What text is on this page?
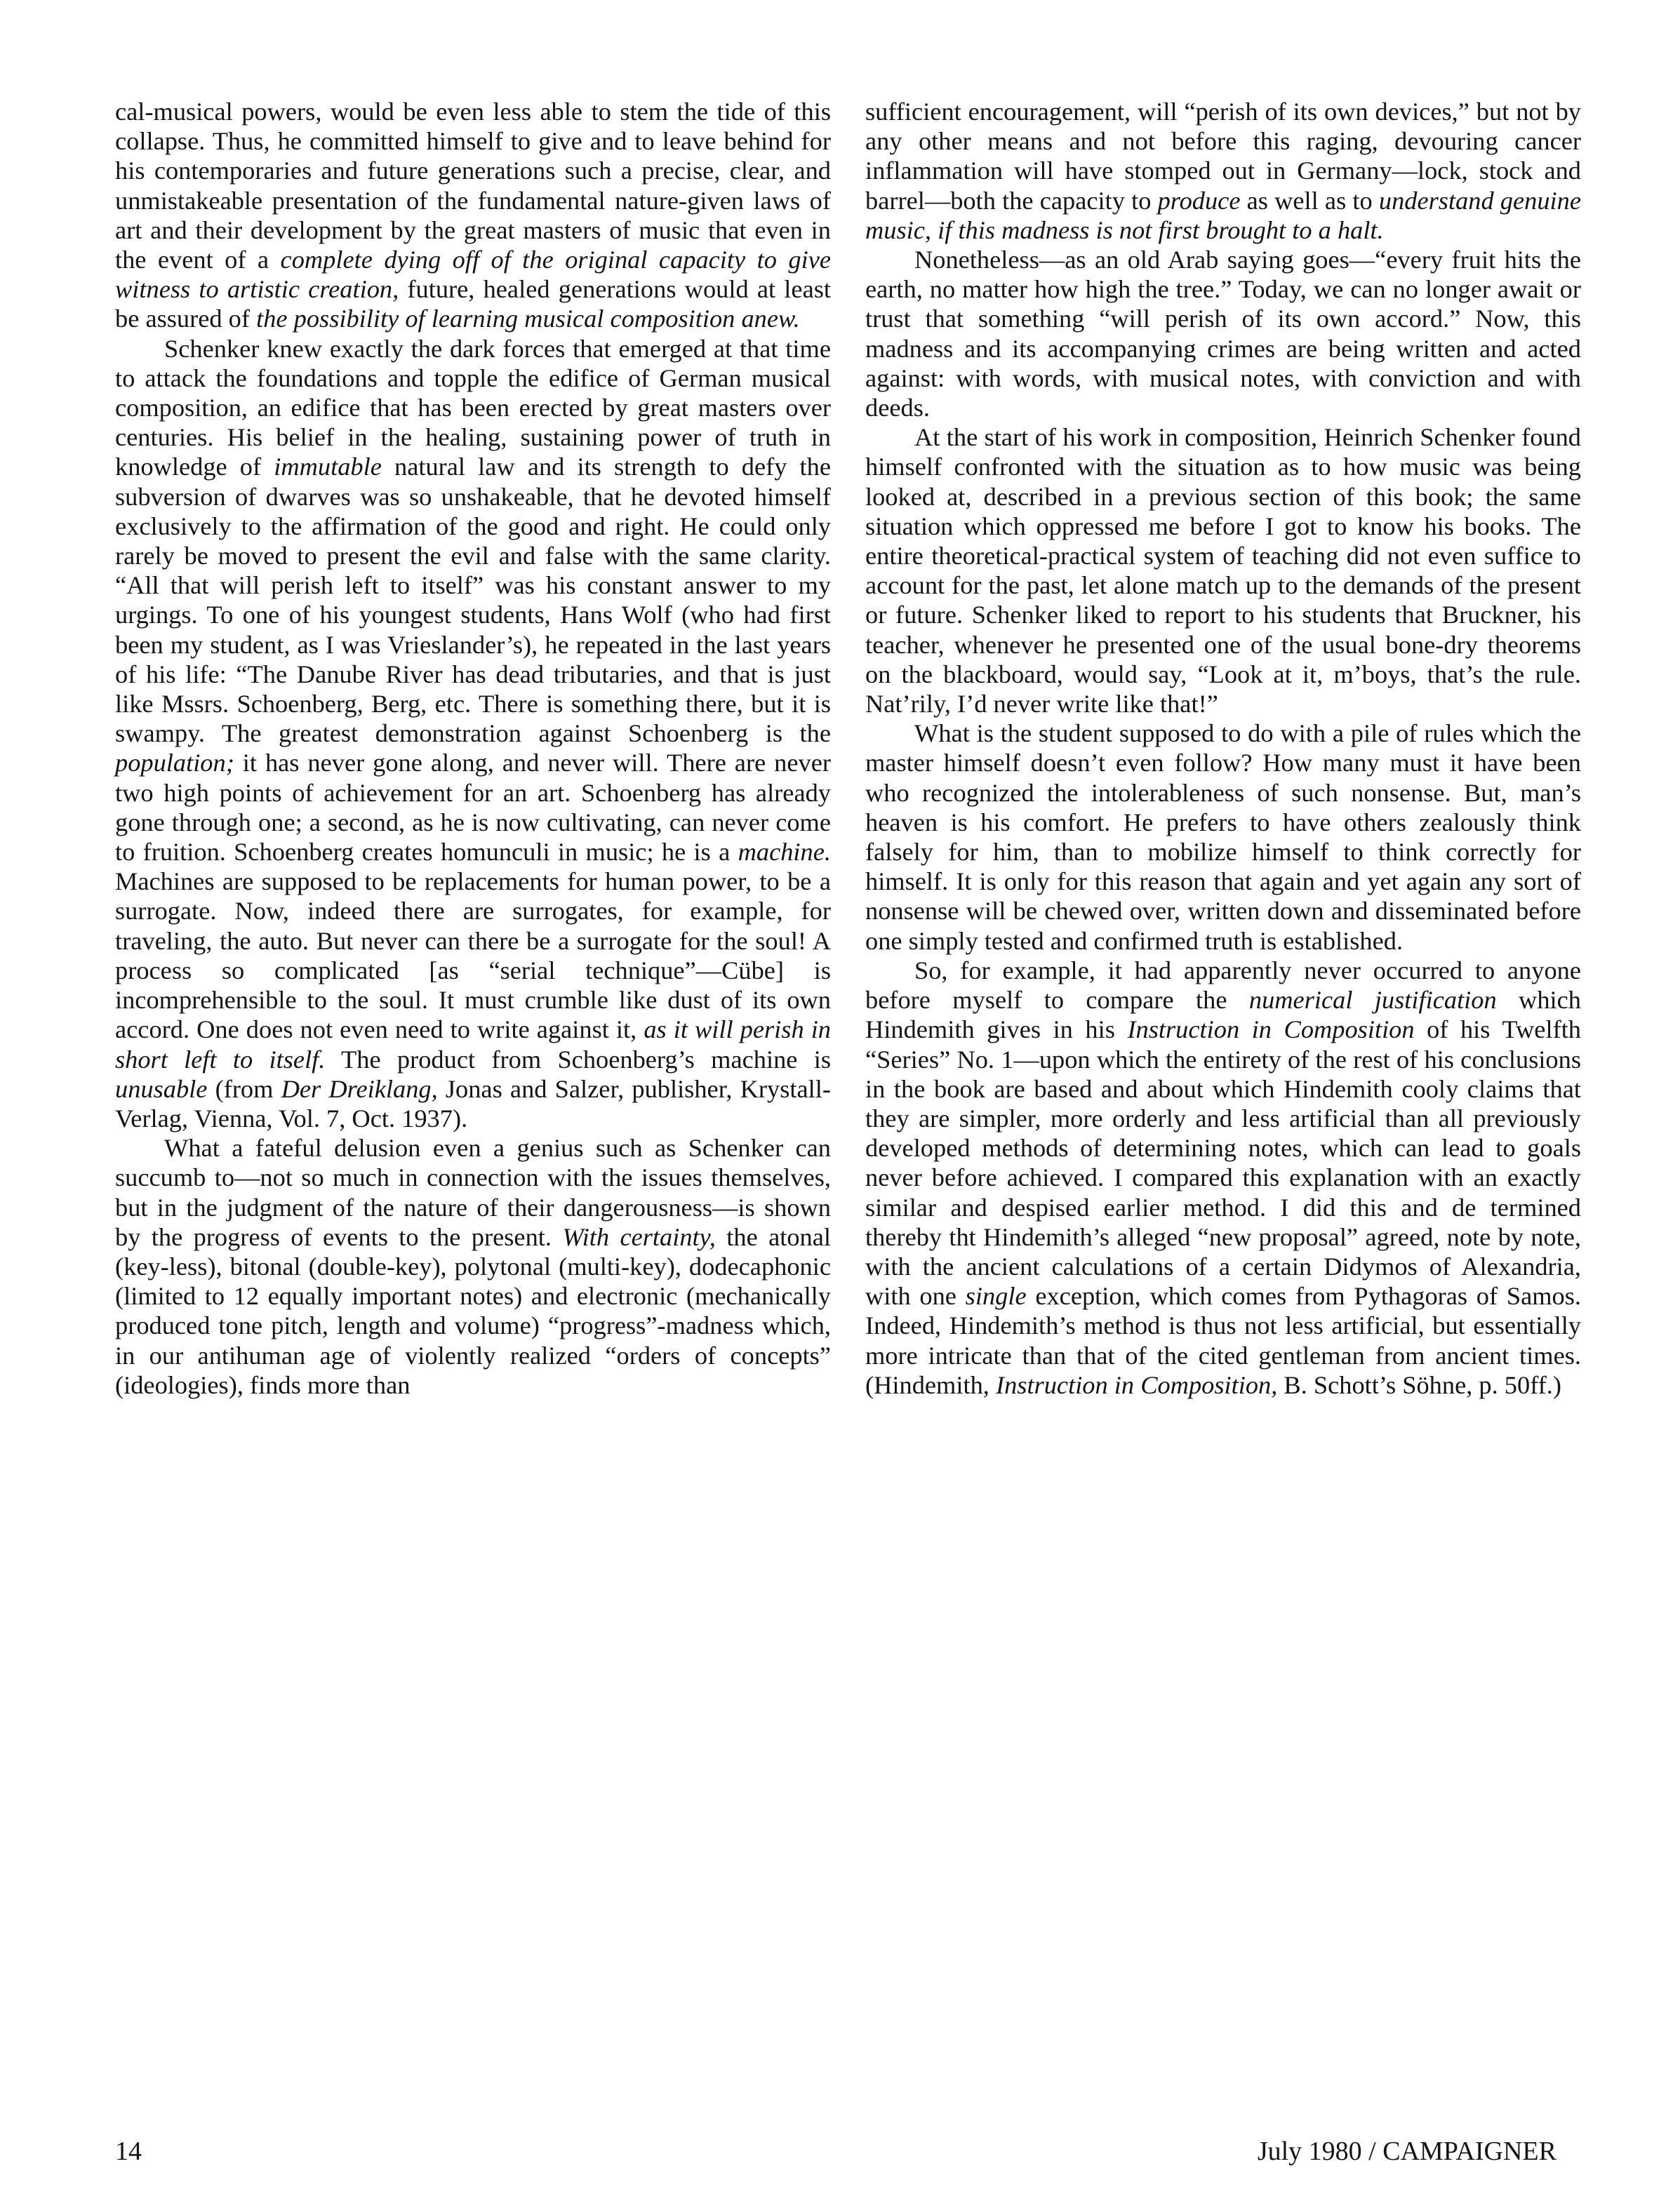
cal-musical powers, would be even less able to stem the tide of this collapse. Thus, he committed himself to give and to leave behind for his contemporaries and future generations such a precise, clear, and unmistakeable presentation of the fundamental nature-given laws of art and their development by the great masters of music that even in the event of a complete dying off of the original capacity to give witness to artistic creation, future, healed generations would at least be assured of the possibility of learning musical composition anew.

Schenker knew exactly the dark forces that emerged at that time to attack the foundations and topple the edifice of German musical composition, an edifice that has been erected by great masters over centuries. His belief in the healing, sustaining power of truth in knowledge of immutable natural law and its strength to defy the subversion of dwarves was so unshakeable, that he devoted himself exclusively to the affirmation of the good and right. He could only rarely be moved to present the evil and false with the same clarity. “All that will perish left to itself” was his constant answer to my urgings. To one of his youngest students, Hans Wolf (who had first been my student, as I was Vrieslander’s), he repeated in the last years of his life: “The Danube River has dead tributaries, and that is just like Mssrs. Schoenberg, Berg, etc. There is something there, but it is swampy. The greatest demonstration against Schoenberg is the population; it has never gone along, and never will. There are never two high points of achievement for an art. Schoenberg has already gone through one; a second, as he is now cultivating, can never come to fruition. Schoenberg creates homunculi in music; he is a machine. Machines are supposed to be replacements for human power, to be a surrogate. Now, indeed there are surrogates, for example, for traveling, the auto. But never can there be a surrogate for the soul! A process so complicated [as “serial technique”—Cübe] is incomprehensible to the soul. It must crumble like dust of its own accord. One does not even need to write against it, as it will perish in short left to itself. The product from Schoenberg’s machine is unusable (from Der Dreiklang, Jonas and Salzer, publisher, Krystall-Verlag, Vienna, Vol. 7, Oct. 1937).

What a fateful delusion even a genius such as Schenker can succumb to—not so much in connection with the issues themselves, but in the judgment of the nature of their dangerousness—is shown by the progress of events to the present. With certainty, the atonal (key-less), bitonal (double-key), polytonal (multi-key), dodecaphonic (limited to 12 equally important notes) and electronic (mechanically produced tone pitch, length and volume) “progress”-madness which, in our antihuman age of violently realized “orders of concepts” (ideologies), finds more than

sufficient encouragement, will “perish of its own devices,” but not by any other means and not before this raging, devouring cancer inflammation will have stomped out in Germany—lock, stock and barrel—both the capacity to produce as well as to understand genuine music, if this madness is not first brought to a halt.

Nonetheless—as an old Arab saying goes—“every fruit hits the earth, no matter how high the tree.” Today, we can no longer await or trust that something “will perish of its own accord.” Now, this madness and its accompanying crimes are being written and acted against: with words, with musical notes, with conviction and with deeds.

At the start of his work in composition, Heinrich Schenker found himself confronted with the situation as to how music was being looked at, described in a previous section of this book; the same situation which oppressed me before I got to know his books. The entire theoretical-practical system of teaching did not even suffice to account for the past, let alone match up to the demands of the present or future. Schenker liked to report to his students that Bruckner, his teacher, whenever he presented one of the usual bone-dry theorems on the blackboard, would say, “Look at it, m’boys, that’s the rule. Nat’rily, I’d never write like that!”

What is the student supposed to do with a pile of rules which the master himself doesn’t even follow? How many must it have been who recognized the intolerableness of such nonsense. But, man’s heaven is his comfort. He prefers to have others zealously think falsely for him, than to mobilize himself to think correctly for himself. It is only for this reason that again and yet again any sort of nonsense will be chewed over, written down and disseminated before one simply tested and confirmed truth is established.

So, for example, it had apparently never occurred to anyone before myself to compare the numerical justification which Hindemith gives in his Instruction in Composition of his Twelfth “Series” No. 1—upon which the entirety of the rest of his conclusions in the book are based and about which Hindemith cooly claims that they are simpler, more orderly and less artificial than all previously developed methods of determining notes, which can lead to goals never before achieved. I compared this explanation with an exactly similar and despised earlier method. I did this and de termined thereby tht Hindemith’s alleged “new proposal” agreed, note by note, with the ancient calculations of a certain Didymos of Alexandria, with one single exception, which comes from Pythagoras of Samos. Indeed, Hindemith’s method is thus not less artificial, but essentially more intricate than that of the cited gentleman from ancient times. (Hindemith, Instruction in Composition, B. Schott’s Söhne, p. 50ff.)

14	July 1980 / CAMPAIGNER
